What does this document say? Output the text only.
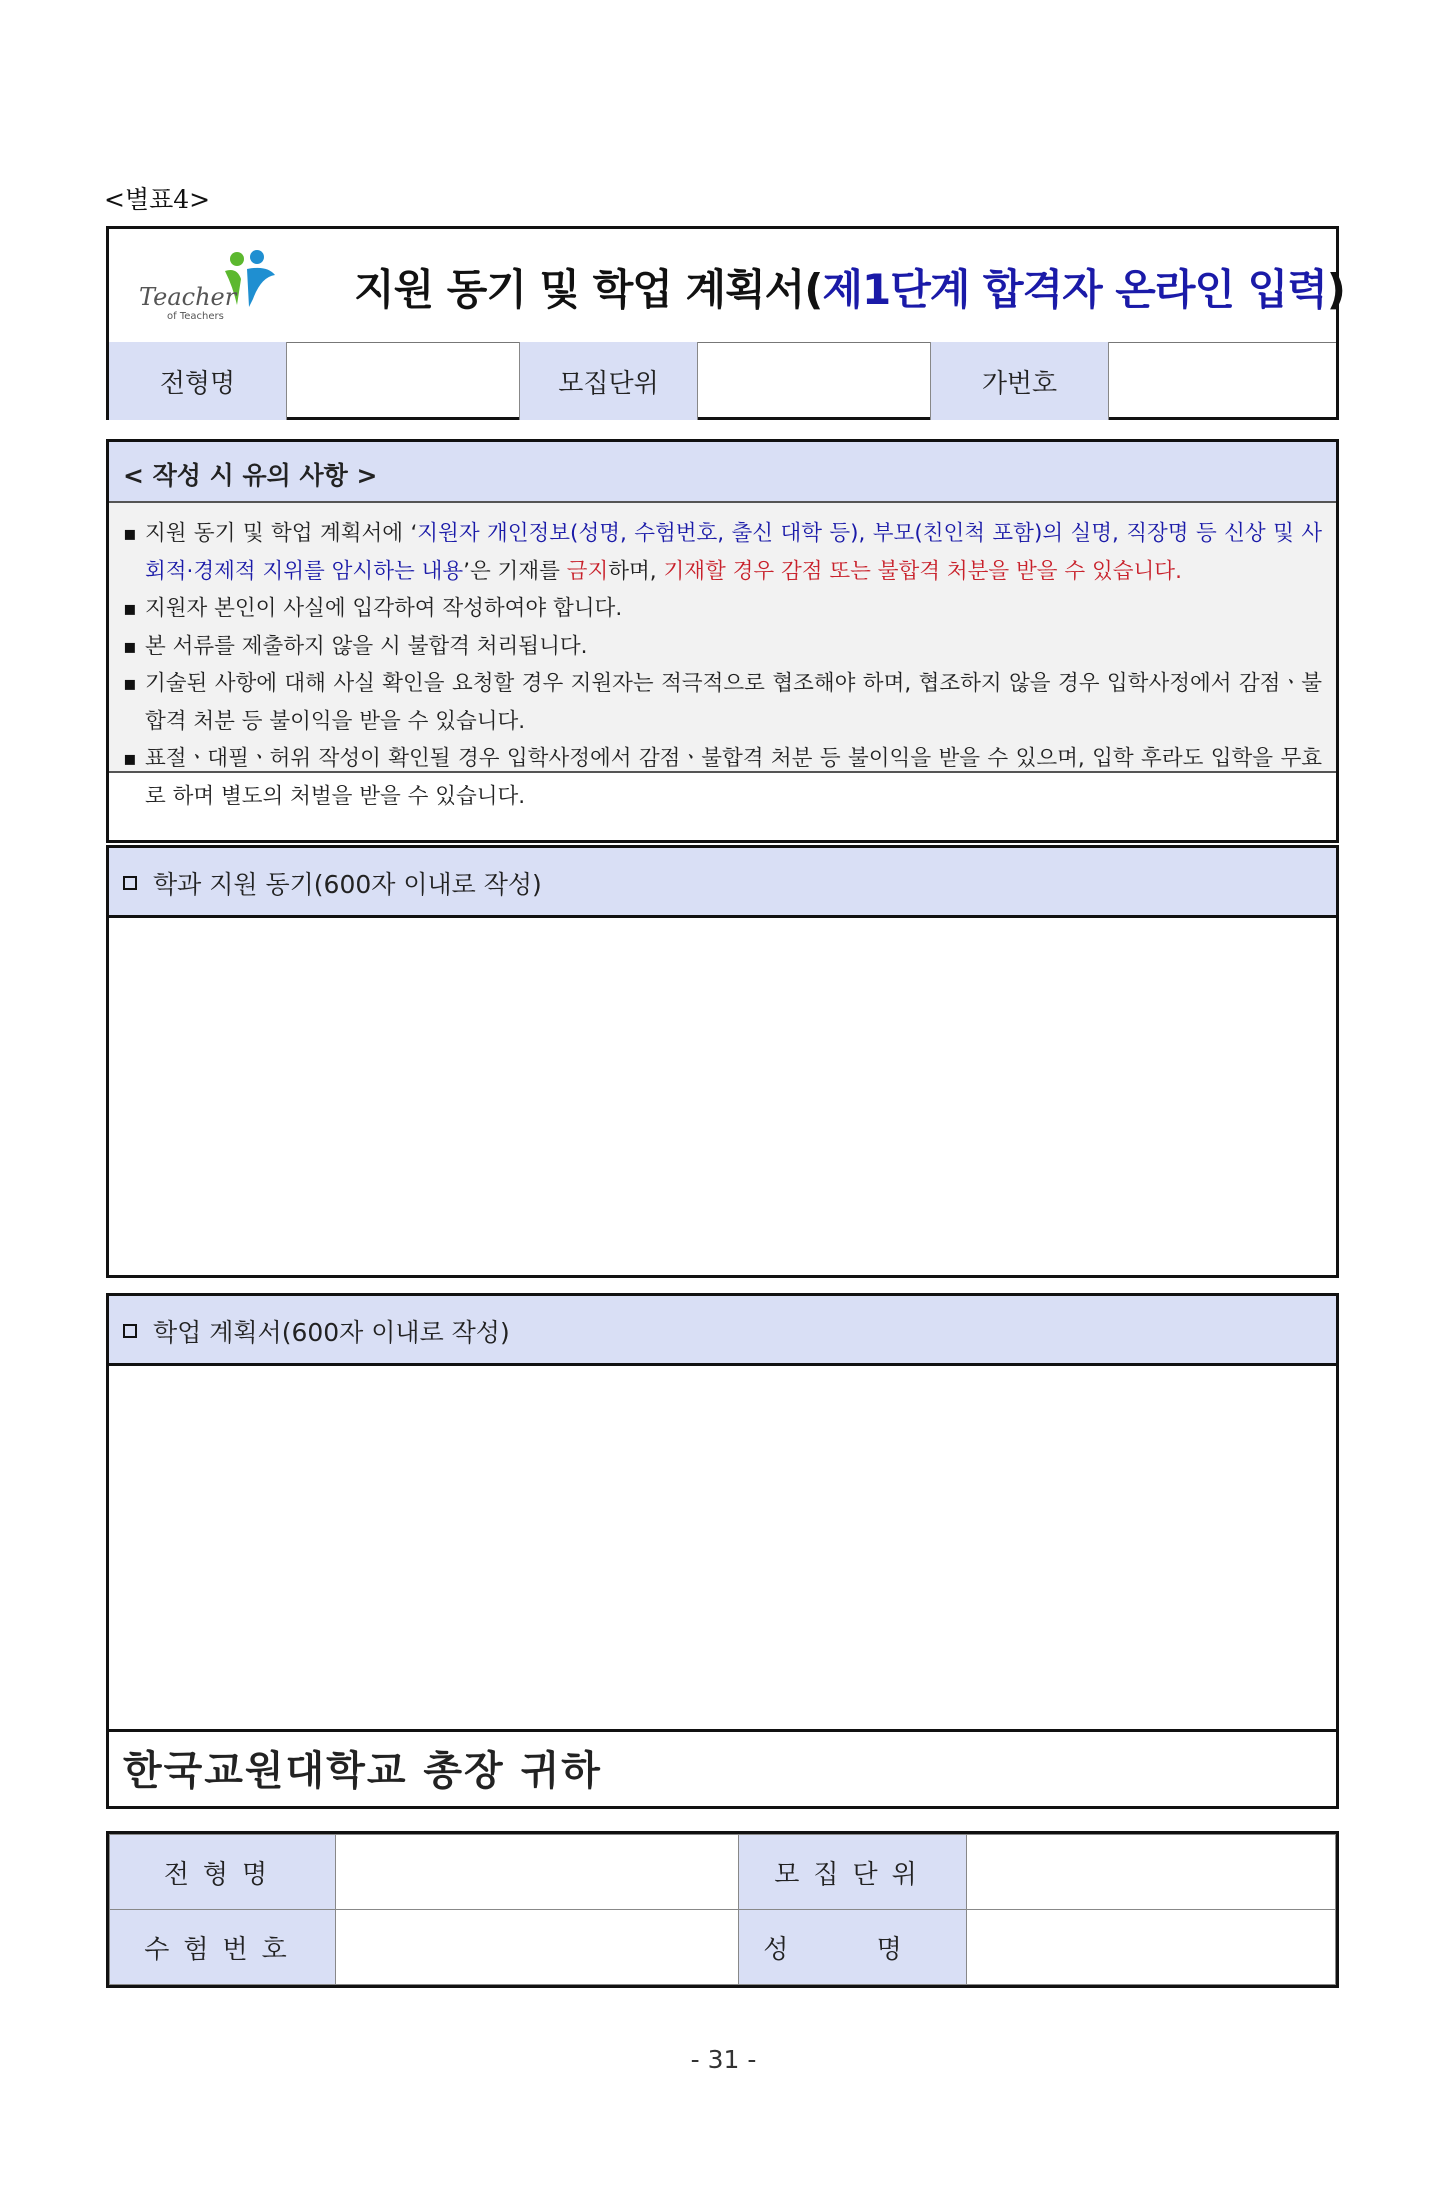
<별표4>
Teacher
of Teachers
지원 동기 및 학업 계획서(제1단계 합격자 온라인 입력)
전형명	모집단위	가번호
< 작성 시 유의 사항 >
▪ 지원 동기 및 학업 계획서에 ‘지원자 개인정보(성명, 수험번호, 출신 대학 등), 부모(친인척 포함)의 실명, 직장명 등 신상 및 사회적·경제적 지위를 암시하는 내용’은 기재를 금지하며, 기재할 경우 감점 또는 불합격 처분을 받을 수 있습니다.
▪ 지원자 본인이 사실에 입각하여 작성하여야 합니다.
▪ 본 서류를 제출하지 않을 시 불합격 처리됩니다.
▪ 기술된 사항에 대해 사실 확인을 요청할 경우 지원자는 적극적으로 협조해야 하며, 협조하지 않을 경우 입학사정에서 감점ㆍ불합격 처분 등 불이익을 받을 수 있습니다.
▪ 표절ㆍ대필ㆍ허위 작성이 확인될 경우 입학사정에서 감점ㆍ불합격 처분 등 불이익을 받을 수 있으며, 입학 후라도 입학을 무효로 하며 별도의 처벌을 받을 수 있습니다.
학과 지원 동기(600자 이내로 작성)
학업 계획서(600자 이내로 작성)
한국교원대학교 총장 귀하
전형명		모집단위	
수험번호		성 명	
- 31 -
